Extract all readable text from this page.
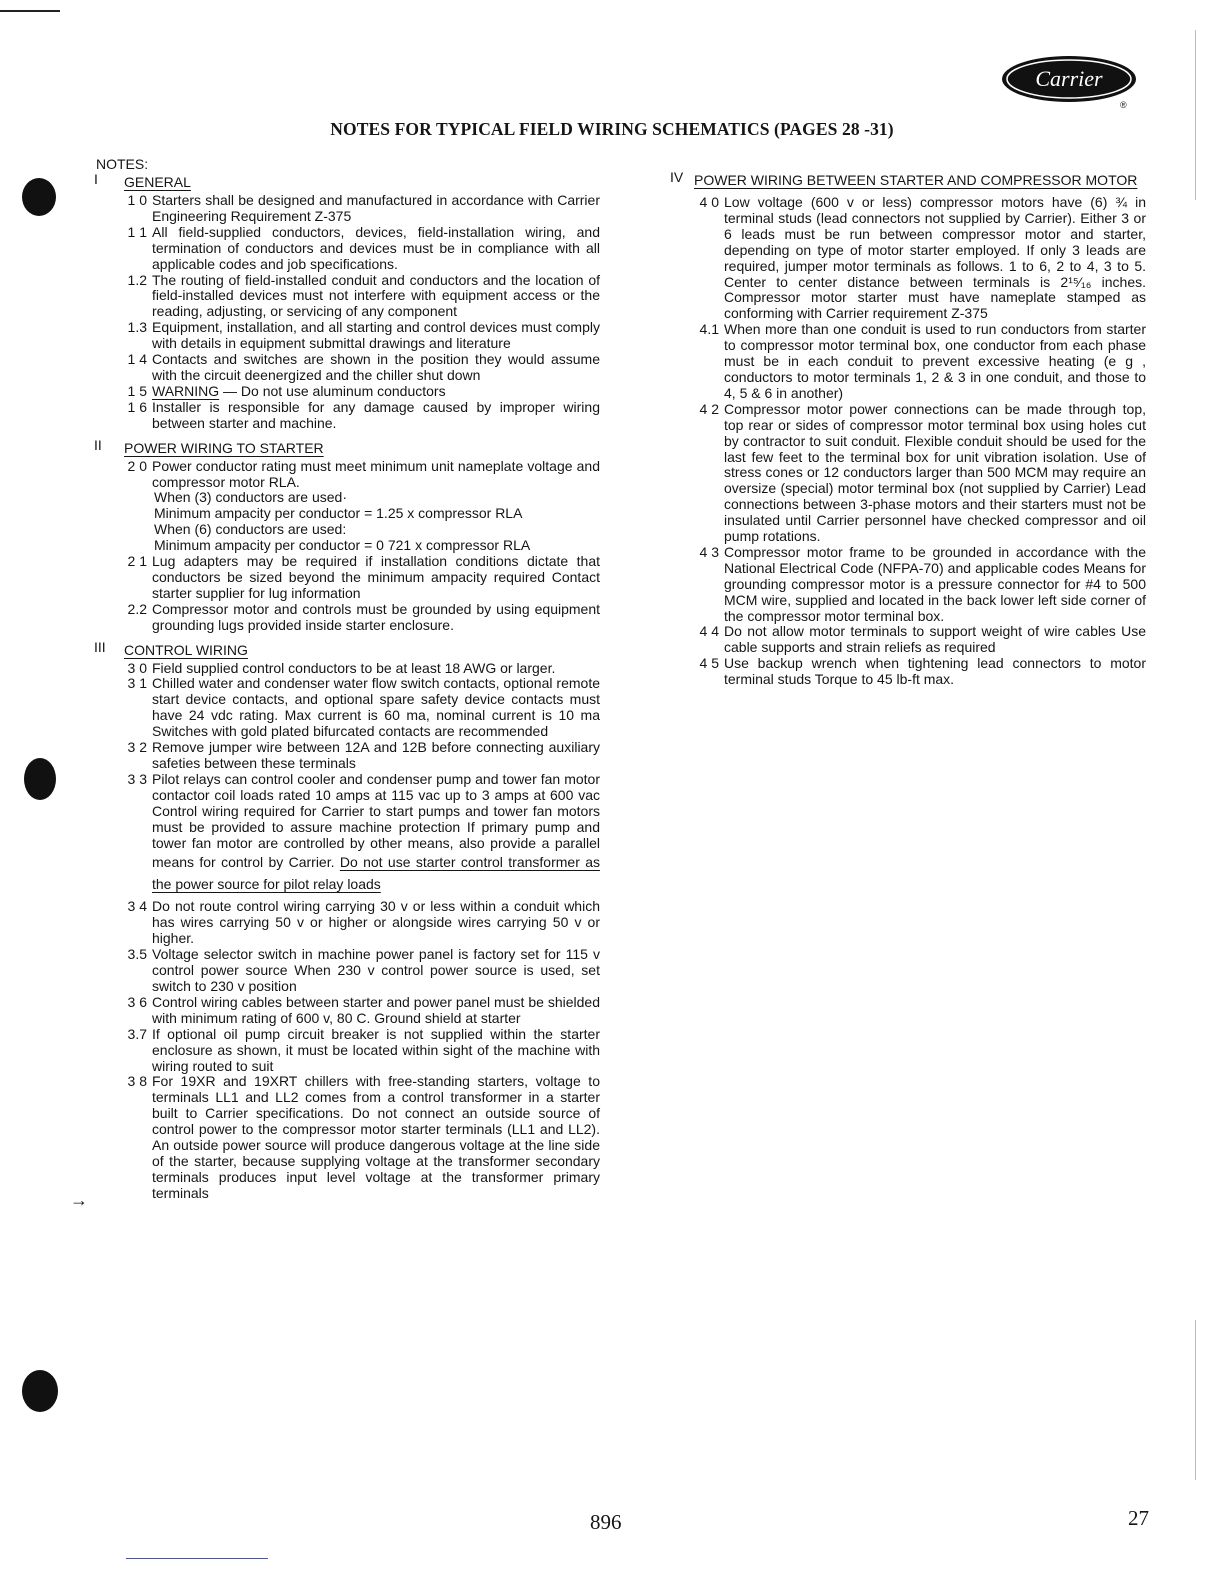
Carrier
®
NOTES FOR TYPICAL FIELD WIRING SCHEMATICS (PAGES 28 -31)
NOTES:
I	GENERAL
1 0 Starters shall be designed and manufactured in accordance with Carrier Engineering Requirement Z-375
1 1 All field-supplied conductors, devices, field-installation wiring, and termination of conductors and devices must be in compliance with all applicable codes and job specifications.
1.2 The routing of field-installed conduit and conductors and the location of field-installed devices must not interfere with equipment access or the reading, adjusting, or servicing of any component
1.3 Equipment, installation, and all starting and control devices must comply with details in equipment submittal drawings and literature
1 4 Contacts and switches are shown in the position they would assume with the circuit deenergized and the chiller shut down
1 5 WARNING — Do not use aluminum conductors
1 6 Installer is responsible for any damage caused by improper wiring between starter and machine.
II	POWER WIRING TO STARTER
2 0 Power conductor rating must meet minimum unit nameplate voltage and compressor motor RLA.
When (3) conductors are used·
Minimum ampacity per conductor = 1.25 x compressor RLA
When (6) conductors are used:
Minimum ampacity per conductor = 0 721 x compressor RLA
2 1 Lug adapters may be required if installation conditions dictate that conductors be sized beyond the minimum ampacity required Contact starter supplier for lug information
2.2 Compressor motor and controls must be grounded by using equipment grounding lugs provided inside starter enclosure.
III	CONTROL WIRING
3 0 Field supplied control conductors to be at least 18 AWG or larger.
3 1 Chilled water and condenser water flow switch contacts, optional remote start device contacts, and optional spare safety device contacts must have 24 vdc rating. Max current is 60 ma, nominal current is 10 ma Switches with gold plated bifurcated contacts are recommended
3 2 Remove jumper wire between 12A and 12B before connecting auxiliary safeties between these terminals
3 3 Pilot relays can control cooler and condenser pump and tower fan motor contactor coil loads rated 10 amps at 115 vac up to 3 amps at 600 vac Control wiring required for Carrier to start pumps and tower fan motors must be provided to assure machine protection If primary pump and tower fan motor are controlled by other means, also provide a parallel means for control by Carrier. Do not use starter control transformer as the power source for pilot relay loads
3 4 Do not route control wiring carrying 30 v or less within a conduit which has wires carrying 50 v or higher or alongside wires carrying 50 v or higher.
3.5 Voltage selector switch in machine power panel is factory set for 115 v control power source When 230 v control power source is used, set switch to 230 v position
3 6 Control wiring cables between starter and power panel must be shielded with minimum rating of 600 v, 80 C. Ground shield at starter
3.7 If optional oil pump circuit breaker is not supplied within the starter enclosure as shown, it must be located within sight of the machine with wiring routed to suit
3 8 For 19XR and 19XRT chillers with free-standing starters, voltage to terminals LL1 and LL2 comes from a control transformer in a starter built to Carrier specifications. Do not connect an outside source of control power to the compressor motor starter terminals (LL1 and LL2). An outside power source will produce dangerous voltage at the line side of the starter, because supplying voltage at the transformer secondary terminals produces input level voltage at the transformer primary terminals
IV POWER WIRING BETWEEN STARTER AND COMPRESSOR MOTOR
4 0 Low voltage (600 v or less) compressor motors have (6) ¾ in terminal studs (lead connectors not supplied by Carrier). Either 3 or 6 leads must be run between compressor motor and starter, depending on type of motor starter employed. If only 3 leads are required, jumper motor terminals as follows. 1 to 6, 2 to 4, 3 to 5. Center to center distance between terminals is 2¹⁵⁄₁₆ inches. Compressor motor starter must have nameplate stamped as conforming with Carrier requirement Z-375
4.1 When more than one conduit is used to run conductors from starter to compressor motor terminal box, one conductor from each phase must be in each conduit to prevent excessive heating (e g , conductors to motor terminals 1, 2 & 3 in one conduit, and those to 4, 5 & 6 in another)
4 2 Compressor motor power connections can be made through top, top rear or sides of compressor motor terminal box using holes cut by contractor to suit conduit. Flexible conduit should be used for the last few feet to the terminal box for unit vibration isolation. Use of stress cones or 12 conductors larger than 500 MCM may require an oversize (special) motor terminal box (not supplied by Carrier) Lead connections between 3-phase motors and their starters must not be insulated until Carrier personnel have checked compressor and oil pump rotations.
4 3 Compressor motor frame to be grounded in accordance with the National Electrical Code (NFPA-70) and applicable codes Means for grounding compressor motor is a pressure connector for #4 to 500 MCM wire, supplied and located in the back lower left side corner of the compressor motor terminal box.
4 4 Do not allow motor terminals to support weight of wire cables Use cable supports and strain reliefs as required
4 5 Use backup wrench when tightening lead connectors to motor terminal studs Torque to 45 lb-ft max.
→
896	27
